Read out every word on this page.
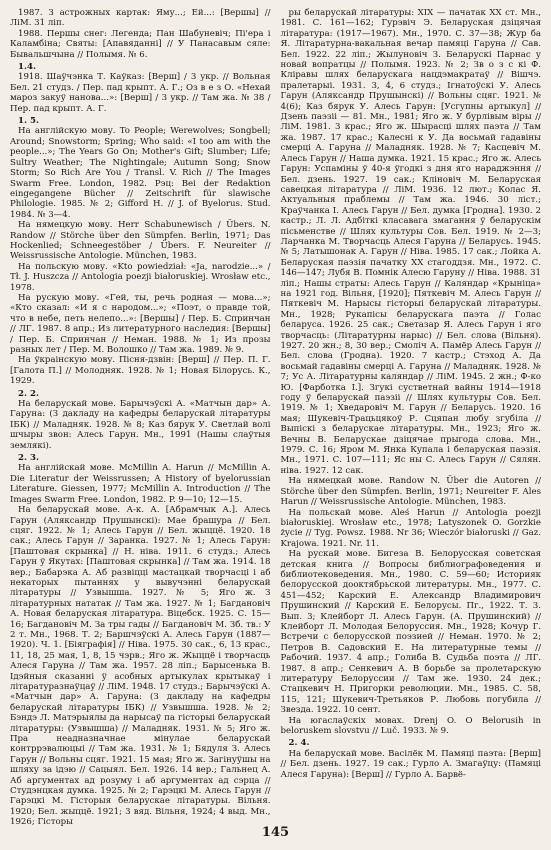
1987. З астрожных картак: Яму...; Ей...: [Вершы] // ЛіМ. 31 ліп.

1988. Першы снег: Легенда; Пан Шабуневіч; Пі'ера і Каламбіна; Святы: [Апавяданні] // У Панасавым сяле: Бывальшчына // Полымя. № 6.

1.4.

1918. Шаўчэнка Т. Каўказ: [Верш] / 3 укр. // Вольная Бел. 21 студз. / Пер. пад крыпт. А. Г.; Оз в е з О. «Нехай мароз закуў нанова...»: [Верш] / 3 укр. // Там жа. № 38 / Пер. пад крыпт. А. Г.

1. 5.

На англійскую мову. To People; Werewolves; Songbell; Around; Snowstorm; Spring; Who said: «I too am with the people...»; The Years Go On; Mother's Gift; Slumber; Life; Sultry Weather; The Nightingale; Autumn Song; Snow Storm; So Rich Are You / Transl. V. Rich // The Images Swarm Free. London, 1982. Рэц: Bei der Redaktion eingegangene Bücher // Zeitschrift für slawische Philologie. 1985. № 2; Gifford H. // J. of Byelorus. Stud. 1984. № 3—4.

На нямецкую мову. Herr Schabunewisch / Übers. N. Randow // Störche über den Sümpfen. Berlin, 1971; Das Hockenlied; Schneegestöber / Übers. F. Neureiter // Weissrussische Antologie. München, 1983.

На польскую мову. «Kto powiedział: «Ja, narodzie...» / Tł. J. Huszcza // Antologia poezji białoruskiej. Wrosław etc., 1978.

На рускую мову. «Гей, ты, речь родная — мова...»; «Кто сказал: «И я с народом...»; «Поэт, о правде той, что в небе, петь нелепо...»: [Вершы] / Пер. Б. Спринчан // ЛГ. 1987. 8 апр.; Из литературного наследия: [Вершы] / Пер. Б. Спринчан // Неман. 1988. № 1; Из прозы разных лет / Пер. М. Волошко // Там жа. 1989. № 9.

На ўкраінскую мову. Пісня-дзвін: [Верш] // Пер. П. Г. [Галота П.] // Молодняк. 1928. № 1; Новая Білорусь. К., 1929.

2. 2.

На беларускай мове. Барычэўскі А. «Матчын дар» А. Гаруна: (З дакладу на кафедры беларускай літаратуры ІБК) // Маладняк. 1928. № 8; Каз бярук У. Светлай волі шчыры звон: Алесь Гарун. Мн., 1991 (Нашы слаўтыя землякі).

2. 3.

На англійскай мове. McMillin A. Harun // McMillin A. Die Literatur der Weissrussen; A History of byelorussian Literature. Giessen, 1977; McMillin A. Introduction // The Images Swarm Free. London, 1982. P. 9—10; 12—15.

На беларускай мове. А-к. А. [Абрамчык А.]. Алесь Гарун (Аляксандр Прушынскі): Мае брашура // Бел. сцяг. 1922. № 1; Алесь Гарун // Бел. жыццё. 1920. 18 сак.; Алесь Гарун // Заранка. 1927. № 1; Алесь Гарун: [Паштовая скрынка] // Н. ніва. 1911. 6 студз.; Алесь Гарун ў Якутах: [Паштовая скрынка] // Там жа. 1914. 18 вер.; Бабарэка А. Аб развіцці мастацкай творчасці і аб некаторых пытаннях у вывучэнні беларускай літаратуры // Узвышша. 1927. № 5; Яго ж. З літаратурных нататак // Там жа. 1927. № 1; Багдановіч А. Новая беларуская літаратура. Віцебск. 1925. С. 15—16; Багдановіч М. За тры гады // Багдановіч М. Зб. тв.: У 2 т. Мн., 1968. Т. 2; Баршчэўскі А. Алесь Гарун (1887—1920). Ч. 1. [Біяграфія] // Ніва. 1975. 30 сак., 6, 13 крас., 11, 18, 25 мая, 1, 8, 15 чэрв.; Яго ж. Жыццё і творчасць Алеся Гаруна // Там жа. 1957. 28 ліп.; Барысенька В. Ідэйныя сказанні ў асобных артыкулах крытыкаў і літаратуразнаўцаў // ЛіМ. 1948. 17 студз.; Барычэўскі А. «Матчын дар» А. Гаруна: (З дакладу на кафедры беларускай літаратуры ІБК) // Узвышша. 1928. № 2; Бэндэ Л. Матэрыялы да нарысаў па гісторыі беларускай літаратуры: (Узвышша) // Маладняк. 1931. № 5; Яго ж. Пра неадназначнае мінулае беларускай контррэвалюцыі // Там жа. 1931. № 1; Бядуля З. Алесь Гарун // Вольны сцяг. 1921. 15 мая; Яго ж. Загінуўшы на шляху за ідэю // Сацыял. Бел. 1926. 14 вер.; Гальнец А. Аб аргументах ад розуму і аб аргументах ад сэрца // Студэнцкая думка. 1925. № 2; Гарэцкі М. Алесь Гарун // Гарэцкі М. Гісторыя беларускае літаратуры. Вільня. 1920; Бел. жыццё. 1921; 3 вяд. Вільня, 1924; 4 выд. Мн., 1926; Гісторы

ры беларускай літаратуры: XIX — пачатак XX ст. Мн., 1981. С. 161—162; Гурэвіч Э. Беларуская дзіцячая літаратура: (1917—1967). Мн., 1970. С. 37—38; Жур ба Я. Літаратурна-вакальная вечар памяці Гаруна // Сав. Бел. 1922. 22 ліп.; Жылуновіч З. Беларускі Парнас у новай вопратцы // Полымя. 1923. № 2; Зв о з с кі Ф. Кліравы шлях беларускага нацдэмакратаў // Вішчэ. пралетарыі. 1931. 3, 4, 6 студз.; Ігнатоўскі У. Алесь Гарун (Аляксандр Прушынскі) // Вольны сцяг. 1921. № 4(6); Каз бярук У. Алесь Гарун: [Усгупны артыкул] // Дзень паэзіі — 81. Мн., 1981; Яго ж. У бурлівым віры // ЛіМ. 1981. 3 крас.; Яго ж. Шырасці шлях паэта // Там жа. 1987. 17 крас.; Калесні к У. Да восьмай гадавіны смерці А. Гаруна // Маладняк. 1928. № 7; Касцевіч М. Алесь Гарун // Наша думка. 1921. 15 крас.; Яго ж. Алесь Гарун: Успаміны ў 40-я ўгодкі з дня яго нараджэння // Бел. дзень. 1927. 19 сак.; Кліновіч М. Беларуская савецкая літаратура // ЛіМ. 1936. 12 лют.; Колас Я. Актуальныя праблемы // Там жа. 1946. 30 ліст.; Краўчанка І. Алесь Гарун // Бел. думка [Гродна]. 1930. 2 кастр.; Л. Л. Адбіткі класавага змагання ў беларускім пісьменстве // Шлях культуры Сов. Бел. 1919. № 2—3; Ларчанка М. Творчасць Алеся Гаруна // Беларусь. 1945. № 5; Латышонак А. Гарун // Ніва. 1985. 17 сак.; Лойка А. Беларуская паэзія пачатку XX стагоддзя. Мн., 1972. С. 146—147; Лубя В. Помнік Алесю Гаруну // Ніва. 1988. 31 ліп.; Нашы страты: Алесь Гарун // Каляндар «Крыніца» на 1921 год. Вільня, [1920]; Пяткевіч М. Алесь Гарун // Пяткевіч М. Нарысы гісторыі беларускай літаратуры. Мн., 1928; Рукапісы беларускага паэта // Голас беларуса. 1926. 25 сак.; Светазар Я. Алесь Гарун і яго творчасць: (Літаратурны нарыс) // Бел. слова (Вільня). 1927. 20 жн.; 8, 30 вер.; Смоліч А. Памёр Алесь Гарун // Бел. слова (Гродна). 1920. 7 кастр.; Стэход А. Да восьмай гадавіны смерці А. Гаруна // Маладняк. 1928. № 7; Ус А. Літаратурны каляндар // ЛіМ. 1945. 2 жн.; Ф-ко Ю. [Фарботка І.]. Згукі сустветнай вайны 1914—1918 году ў беларускай паэзіі // Шлях культуры Сов. Бел. 1919. № 1; Хведаровіч М. Гарун // Беларусь. 1920. 16 мая; Шукевіч-Трацьцякоў Р. Сцяпан любу згубіла // Выпіскі з беларускае літаратуры. Мн., 1923; Яго ж. Вечны В. Беларускае дзіцячае прыгода слова. Мн., 1979. С. 16; Яром М. Янка Купала і беларуская паэзія. Мн., 1971. С. 107—111; Яс ны С. Алесь Гарун // Сялян. ніва. 1927. 12 сак.

На нямецкай мове. Randow N. Über die Autoren // Störche über den Sümpfen. Berlin, 1971; Neureiter F. Ales Harun // Weissrussische Antologie. München, 1983.

На польскай мове. Aleś Harun // Antologia poezji białoruskiej. Wrosław etc., 1978; Latyszonek O. Gorzkie życie // Tyg. Powsz. 1988. Nr 36; Wieczór białoruski // Gaz. Krajowa. 1921. Nr. 11.

На рускай мове. Бигеза В. Белорусская советская детская книга // Вопросы библиографоведения и библиотековедения. Мн., 1980. С. 59—60; Историяк белорусской дооктябрьской литературы. Мн., 1977. С. 451—452; Карский Е. Александр Владимирович Прушинский // Карский Е. Белорусы. Пг., 1922. Т. 3. Вып. 3; Клейборт Л. Алесь Гарун. (А. Прушинский) // Клейборт Л. Молодая Белоруссия. Мн., 1928; Кочур Г. Встречи с белорусской поэзией // Неман. 1970. № 2; Петров В. Садовский Е. На литературные темы // Рабочий. 1937. 4 апр.; Голиба В. Судьба поэта // ЛГ. 1987. 8 апр.; Сенкевич А. В борьбе за пролетарскую литературу Белоруссии // Там же. 1930. 24 дек.; Стацкевич Н. Пригорки революции. Мн., 1985. С. 58, 115, 121; Шукевич-Третьяков Р. Любовь погубила // Звезда. 1922. 10 сент.

На югаслаўскіх мовах. Drenj O. O Belorusih in beloruskem slovstvu // Luč. 1933. № 9.

2. 4.

На беларускай мове. Васілёк М. Памяці паэта: [Верш] // Бел. дзень. 1927. 19 сак.; Гурло А. Змагаўцу: (Памяці Алеся Гаруна): [Верш] // Гурло А. Барвё-

145
